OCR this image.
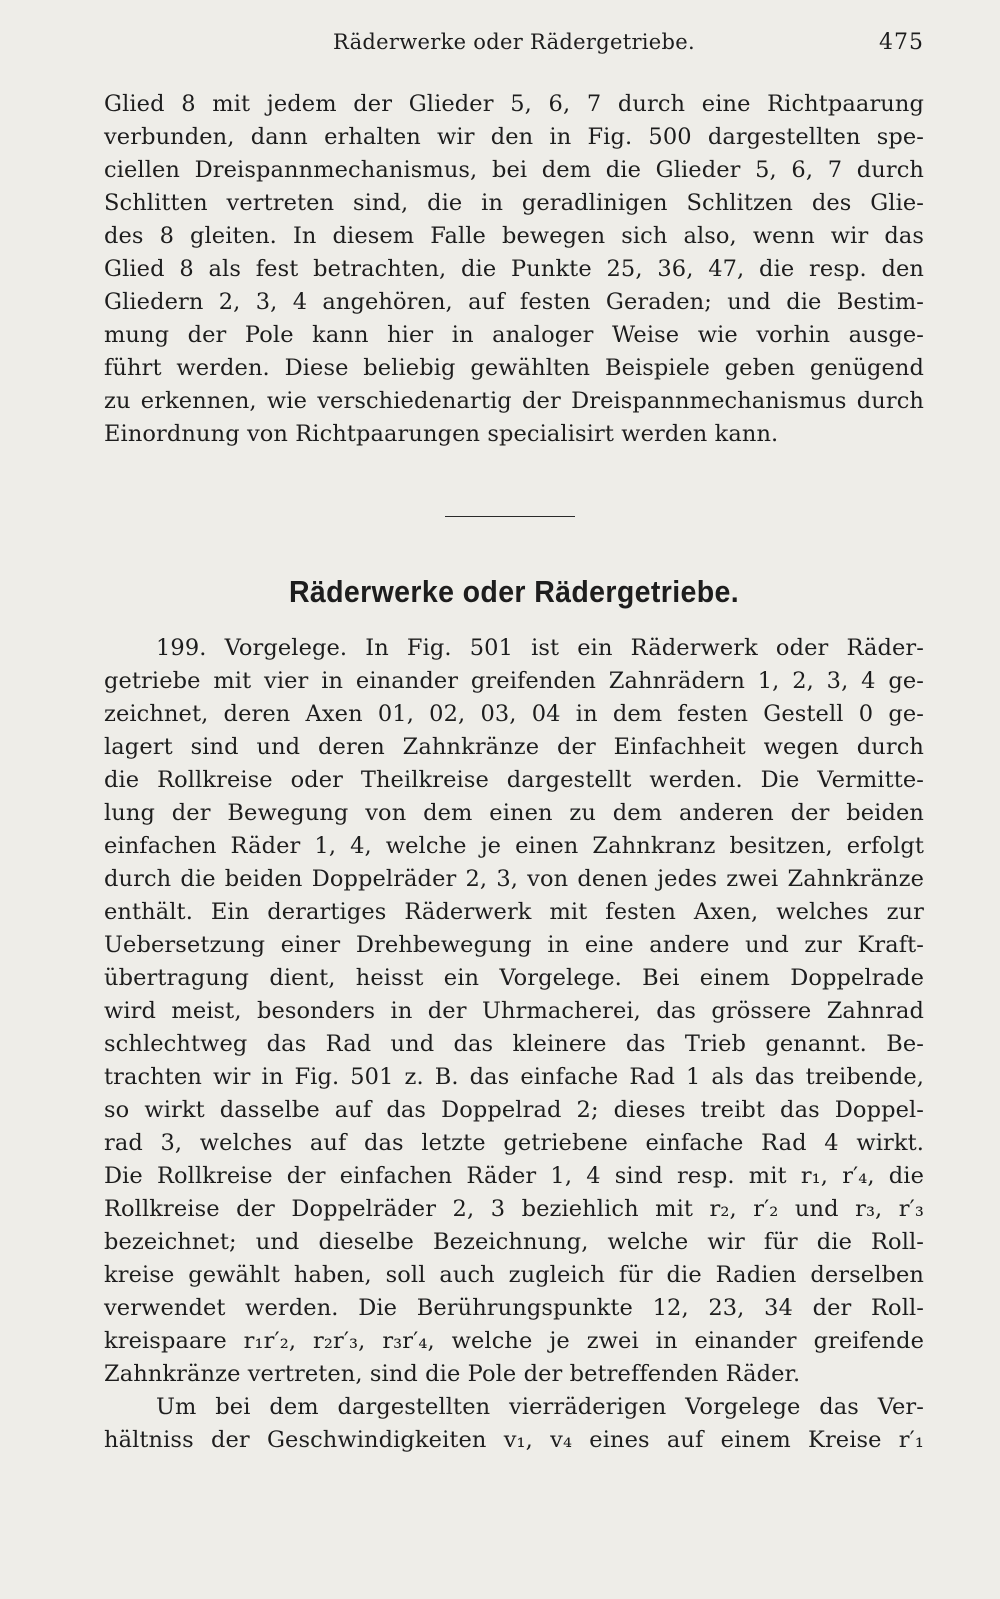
Räderwerke oder Rädergetriebe.	475
Glied 8 mit jedem der Glieder 5, 6, 7 durch eine Richtpaarung
verbunden, dann erhalten wir den in Fig. 500 dargestellten spe-
ciellen Dreispannmechanismus, bei dem die Glieder 5, 6, 7 durch
Schlitten vertreten sind, die in geradlinigen Schlitzen des Glie-
des 8 gleiten. In diesem Falle bewegen sich also, wenn wir das
Glied 8 als fest betrachten, die Punkte 25, 36, 47, die resp. den
Gliedern 2, 3, 4 angehören, auf festen Geraden; und die Bestim-
mung der Pole kann hier in analoger Weise wie vorhin ausge-
führt werden. Diese beliebig gewählten Beispiele geben genügend
zu erkennen, wie verschiedenartig der Dreispannmechanismus durch
Einordnung von Richtpaarungen specialisirt werden kann.
Räderwerke oder Rädergetriebe.
199. Vorgelege. In Fig. 501 ist ein Räderwerk oder Räder-
getriebe mit vier in einander greifenden Zahnrädern 1, 2, 3, 4 ge-
zeichnet, deren Axen 01, 02, 03, 04 in dem festen Gestell 0 ge-
lagert sind und deren Zahnkränze der Einfachheit wegen durch
die Rollkreise oder Theilkreise dargestellt werden. Die Vermitte-
lung der Bewegung von dem einen zu dem anderen der beiden
einfachen Räder 1, 4, welche je einen Zahnkranz besitzen, erfolgt
durch die beiden Doppelräder 2, 3, von denen jedes zwei Zahnkränze
enthält. Ein derartiges Räderwerk mit festen Axen, welches zur
Uebersetzung einer Drehbewegung in eine andere und zur Kraft-
übertragung dient, heisst ein Vorgelege. Bei einem Doppelrade
wird meist, besonders in der Uhrmacherei, das grössere Zahnrad
schlechtweg das Rad und das kleinere das Trieb genannt. Be-
trachten wir in Fig. 501 z. B. das einfache Rad 1 als das treibende,
so wirkt dasselbe auf das Doppelrad 2; dieses treibt das Doppel-
rad 3, welches auf das letzte getriebene einfache Rad 4 wirkt.
Die Rollkreise der einfachen Räder 1, 4 sind resp. mit r₁, r′₄, die
Rollkreise der Doppelräder 2, 3 beziehlich mit r₂, r′₂ und r₃, r′₃
bezeichnet; und dieselbe Bezeichnung, welche wir für die Roll-
kreise gewählt haben, soll auch zugleich für die Radien derselben
verwendet werden. Die Berührungspunkte 12, 23, 34 der Roll-
kreispaare r₁r′₂, r₂r′₃, r₃r′₄, welche je zwei in einander greifende
Zahnkränze vertreten, sind die Pole der betreffenden Räder.
Um bei dem dargestellten vierräderigen Vorgelege das Ver-
hältniss der Geschwindigkeiten v₁, v₄ eines auf einem Kreise r′₁
